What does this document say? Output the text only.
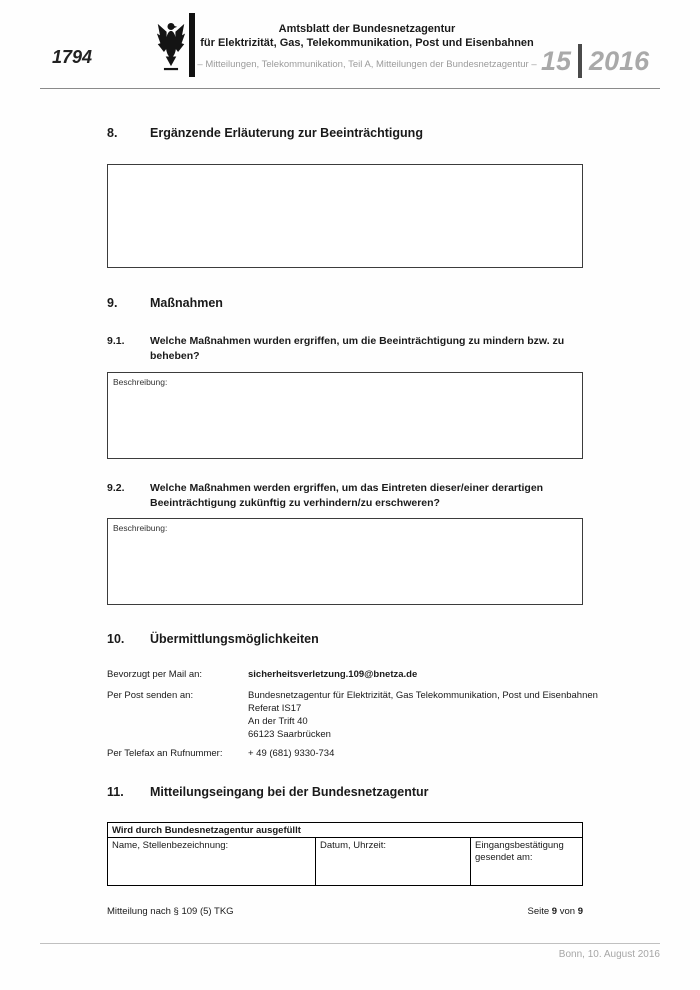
1794
Amtsblatt der Bundesnetzagentur
für Elektrizität, Gas, Telekommunikation, Post und Eisenbahnen
– Mitteilungen, Telekommunikation, Teil A, Mitteilungen der Bundesnetzagentur – 15 2016
8.	Ergänzende Erläuterung zur Beeinträchtigung
9.	Maßnahmen
9.1.	Welche Maßnahmen wurden ergriffen, um die Beeinträchtigung zu mindern bzw. zu beheben?
Beschreibung:
9.2.	Welche Maßnahmen werden ergriffen, um das Eintreten dieser/einer derartigen Beeinträchtigung zukünftig zu verhindern/zu erschweren?
Beschreibung:
10.	Übermittlungsmöglichkeiten
Bevorzugt per Mail an:	sicherheitsverletzung.109@bnetza.de
Per Post senden an:	Bundesnetzagentur für Elektrizität, Gas Telekommunikation, Post und Eisenbahnen
Referat IS17
An der Trift 40
66123 Saarbrücken
Per Telefax an Rufnummer:	+ 49 (681) 9330-734
11.	Mitteilungseingang bei der Bundesnetzagentur
Wird durch Bundesnetzagentur ausgefüllt
Name, Stellenbezeichnung:	Datum, Uhrzeit:	Eingangsbestätigung gesendet am:
Mitteilung nach § 109 (5) TKG	Seite 9 von 9
Bonn, 10. August 2016
